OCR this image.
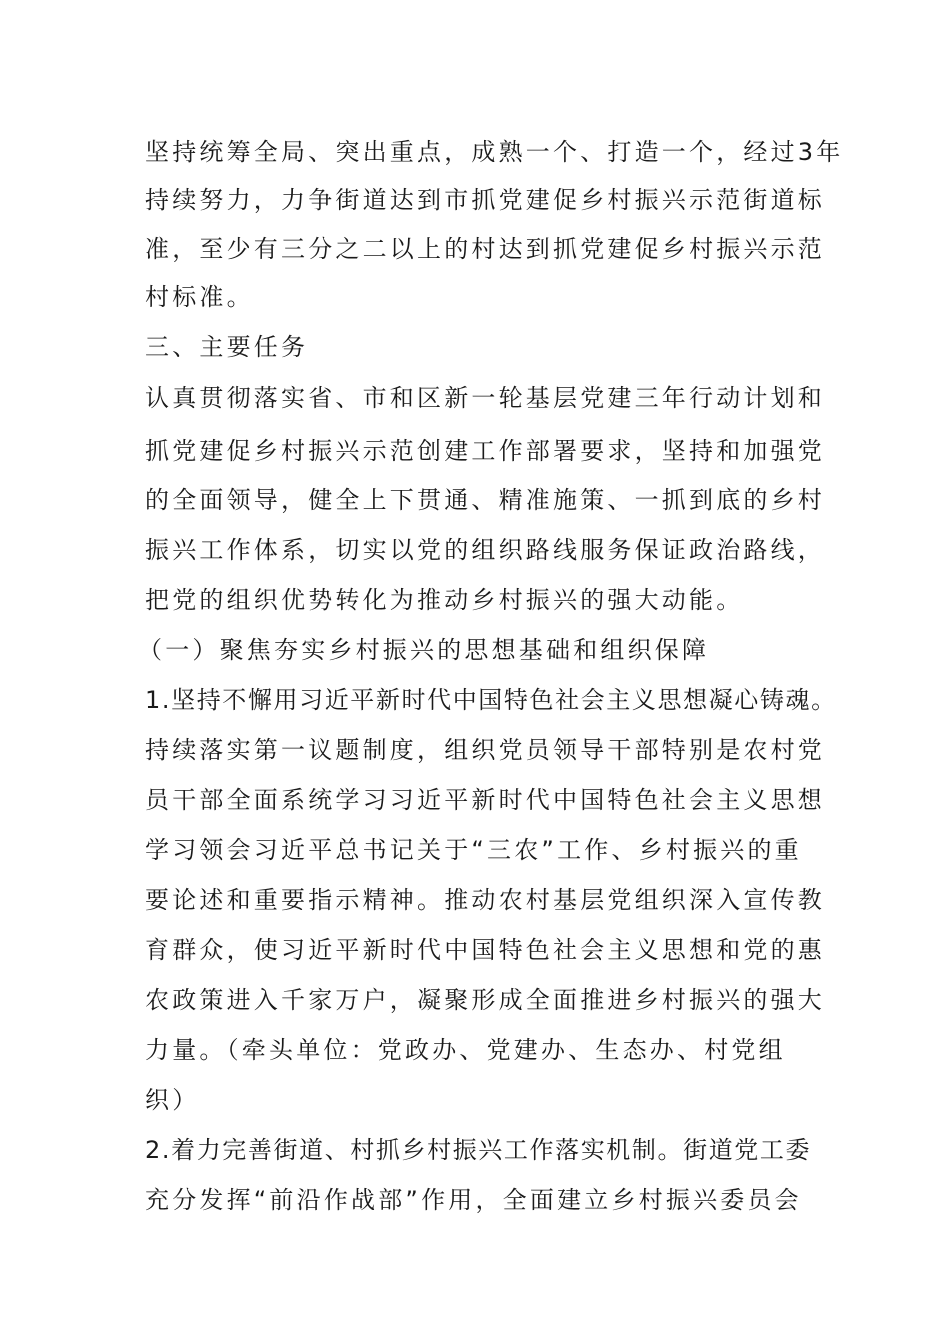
坚持统筹全局、突出重点，成熟一个、打造一个，经过3年
持续努力，力争街道达到市抓党建促乡村振兴示范街道标
准，至少有三分之二以上的村达到抓党建促乡村振兴示范
村标准。
三、主要任务
认真贯彻落实省、市和区新一轮基层党建三年行动计划和
抓党建促乡村振兴示范创建工作部署要求，坚持和加强党
的全面领导，健全上下贯通、精准施策、一抓到底的乡村
振兴工作体系，切实以党的组织路线服务保证政治路线，
把党的组织优势转化为推动乡村振兴的强大动能。
（一）聚焦夯实乡村振兴的思想基础和组织保障
1.坚持不懈用习近平新时代中国特色社会主义思想凝心铸魂。
持续落实第一议题制度，组织党员领导干部特别是农村党
员干部全面系统学习习近平新时代中国特色社会主义思想
学习领会习近平总书记关于“三农”工作、乡村振兴的重
要论述和重要指示精神。推动农村基层党组织深入宣传教
育群众，使习近平新时代中国特色社会主义思想和党的惠
农政策进入千家万户，凝聚形成全面推进乡村振兴的强大
力量。（牵头单位：党政办、党建办、生态办、村党组
织）
2.着力完善街道、村抓乡村振兴工作落实机制。街道党工委
充分发挥“前沿作战部”作用，全面建立乡村振兴委员会
